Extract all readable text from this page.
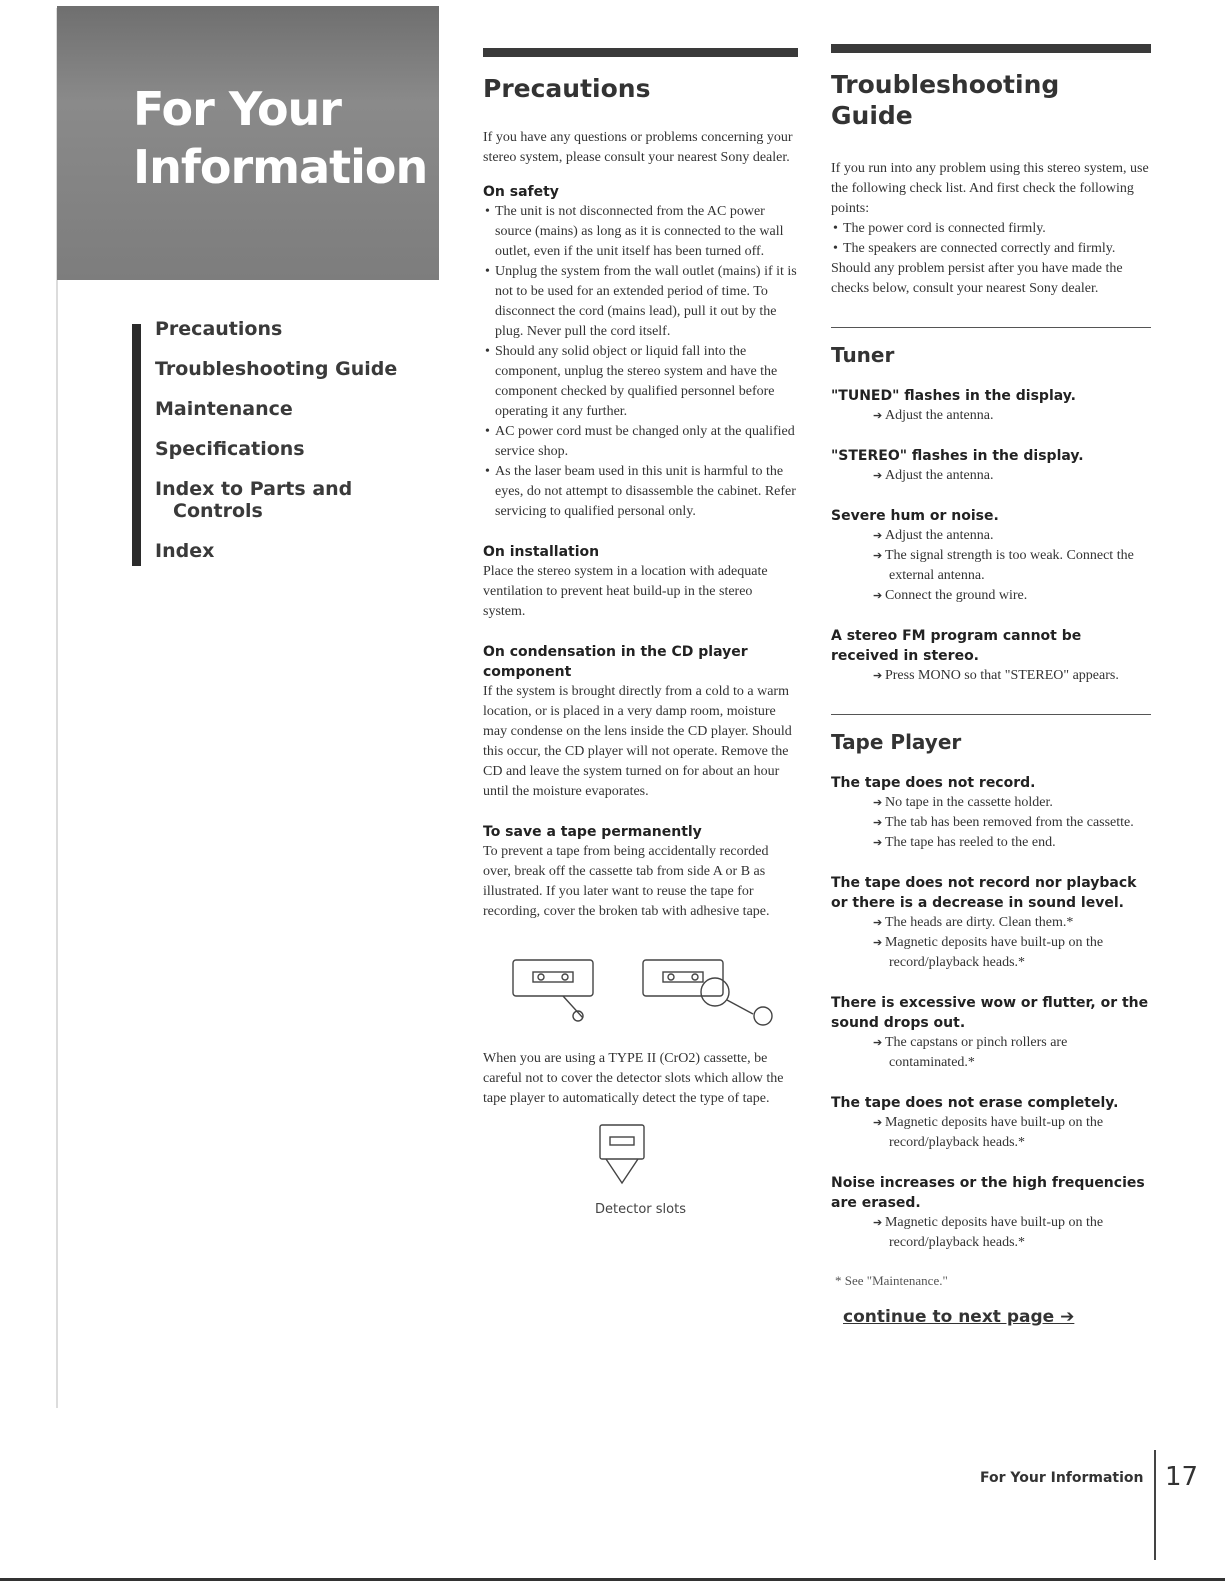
For Your Information
Precautions
Troubleshooting Guide
Maintenance
Specifications
Index to Parts and
Controls
Index
Precautions

If you have any questions or problems concerning your stereo system, please consult your nearest Sony dealer.

On safety
• The unit is not disconnected from the AC power source (mains) as long as it is connected to the wall outlet, even if the unit itself has been turned off.
• Unplug the system from the wall outlet (mains) if it is not to be used for an extended period of time. To disconnect the cord (mains lead), pull it out by the plug. Never pull the cord itself.
• Should any solid object or liquid fall into the component, unplug the stereo system and have the component checked by qualified personnel before operating it any further.
• AC power cord must be changed only at the qualified service shop.
• As the laser beam used in this unit is harmful to the eyes, do not attempt to disassemble the cabinet. Refer servicing to qualified personal only.
On installation

Place the stereo system in a location with adequate ventilation to prevent heat build-up in the stereo system.

On condensation in the CD player component

If the system is brought directly from a cold to a warm location, or is placed in a very damp room, moisture may condense on the lens inside the CD player. Should this occur, the CD player will not operate. Remove the CD and leave the system turned on for about an hour until the moisture evaporates.

To save a tape permanently

To prevent a tape from being accidentally recorded over, break off the cassette tab from side A or B as illustrated. If you later want to reuse the tape for recording, cover the broken tab with adhesive tape.

When you are using a TYPE II (CrO2) cassette, be careful not to cover the detector slots which allow the tape player to automatically detect the type of tape.

Detector slots
Troubleshooting
Guide

If you run into any problem using this stereo system, use the following check list. And first check the following points:

• The power cord is connected firmly.
• The speakers are connected correctly and firmly.

Should any problem persist after you have made the checks below, consult your nearest Sony dealer.

Tuner
"TUNED" flashes in the display.

➔ Adjust the antenna.

"STEREO" flashes in the display.

➔ Adjust the antenna.

Severe hum or noise.

➔ Adjust the antenna.

➔ The signal strength is too weak. Connect the external antenna.

➔ Connect the ground wire.

A stereo FM program cannot be received in stereo.

➔ Press MONO so that "STEREO" appears.

Tape Player
The tape does not record.

➔ No tape in the cassette holder.

➔ The tab has been removed from the cassette.

➔ The tape has reeled to the end.

The tape does not record nor playback or there is a decrease in sound level.

➔ The heads are dirty. Clean them.*

➔ Magnetic deposits have built-up on the record/playback heads.*

There is excessive wow or flutter, or the sound drops out.

➔ The capstans or pinch rollers are contaminated.*

The tape does not erase completely.

➔ Magnetic deposits have built-up on the record/playback heads.*

Noise increases or the high frequencies are erased.

➔ Magnetic deposits have built-up on the record/playback heads.*

* See "Maintenance."
continue to next page ➔
For Your Information 17
